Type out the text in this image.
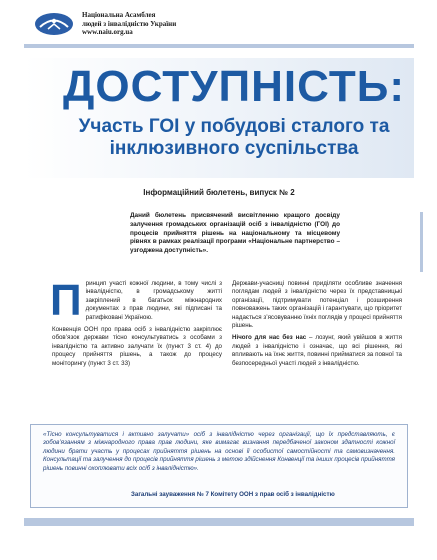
Національна Асамблея
людей з інвалідністю України
www.naiu.org.ua
ДОСТУПНІСТЬ:
Участь ГОІ у побудові сталого та
інклюзивного суспільства
Інформаційний бюлетень, випуск № 2
Даний бюлетень присвячений висвітленню кращого досвіду залучення громадських організацій осіб з інвалідністю (ГОІ) до процесів прийняття рішень на національному та місцевому рівнях в рамках реалізації програми «Національне партнерство – узгоджена доступність».

Принцип участі кожної людини, в тому числі з інвалідністю, в громадському житті закріплений в багатьох міжнародних документах з прав людини, які підписані та ратифіковані Україною.

Конвенція ООН про права осіб з інвалідністю закріплює обов’язок держави тісно консультуватись з особами з інвалідністю та активно залучати їх (пункт 3 ст. 4) до процесу прийняття рішень, а також до процесу моніторингу (пункт 3 ст. 33)

Держави-учасниці повинні приділяти особливе значення поглядам людей з інвалідністю через їх представницькі організації, підтримувати потенціал і розширення повноважень таких організацій і гарантувати, що пріоритет надається з’ясовуванню їхніх поглядів у процесі прийняття рішень.

Нічого для нас без нас – лозунг, який увійшов в життя людей з інвалідністю і означає, що всі рішення, які впливають на їхнє життя, повинні прийматися за повної та безпосередньої участі людей з інвалідністю.

«Тісно консультуватися і активно залучати» осіб з інвалідністю через організації, що їх представляють, є зобов’язанням з міжнародного права прав людини, яке вимагає визнання передбаченої законом здатності кожної людини брати участь у процесах прийняття рішень на основі її особистої самостійності та самовизначення. Консультації та залучення до процесів прийняття рішень з метою здійснення Конвенції та інших процесів прийняття рішень повинні охоплювати всіх осіб з інвалідністю».
Загальні зауваження № 7 Комітету ООН з прав осіб з інвалідністю
